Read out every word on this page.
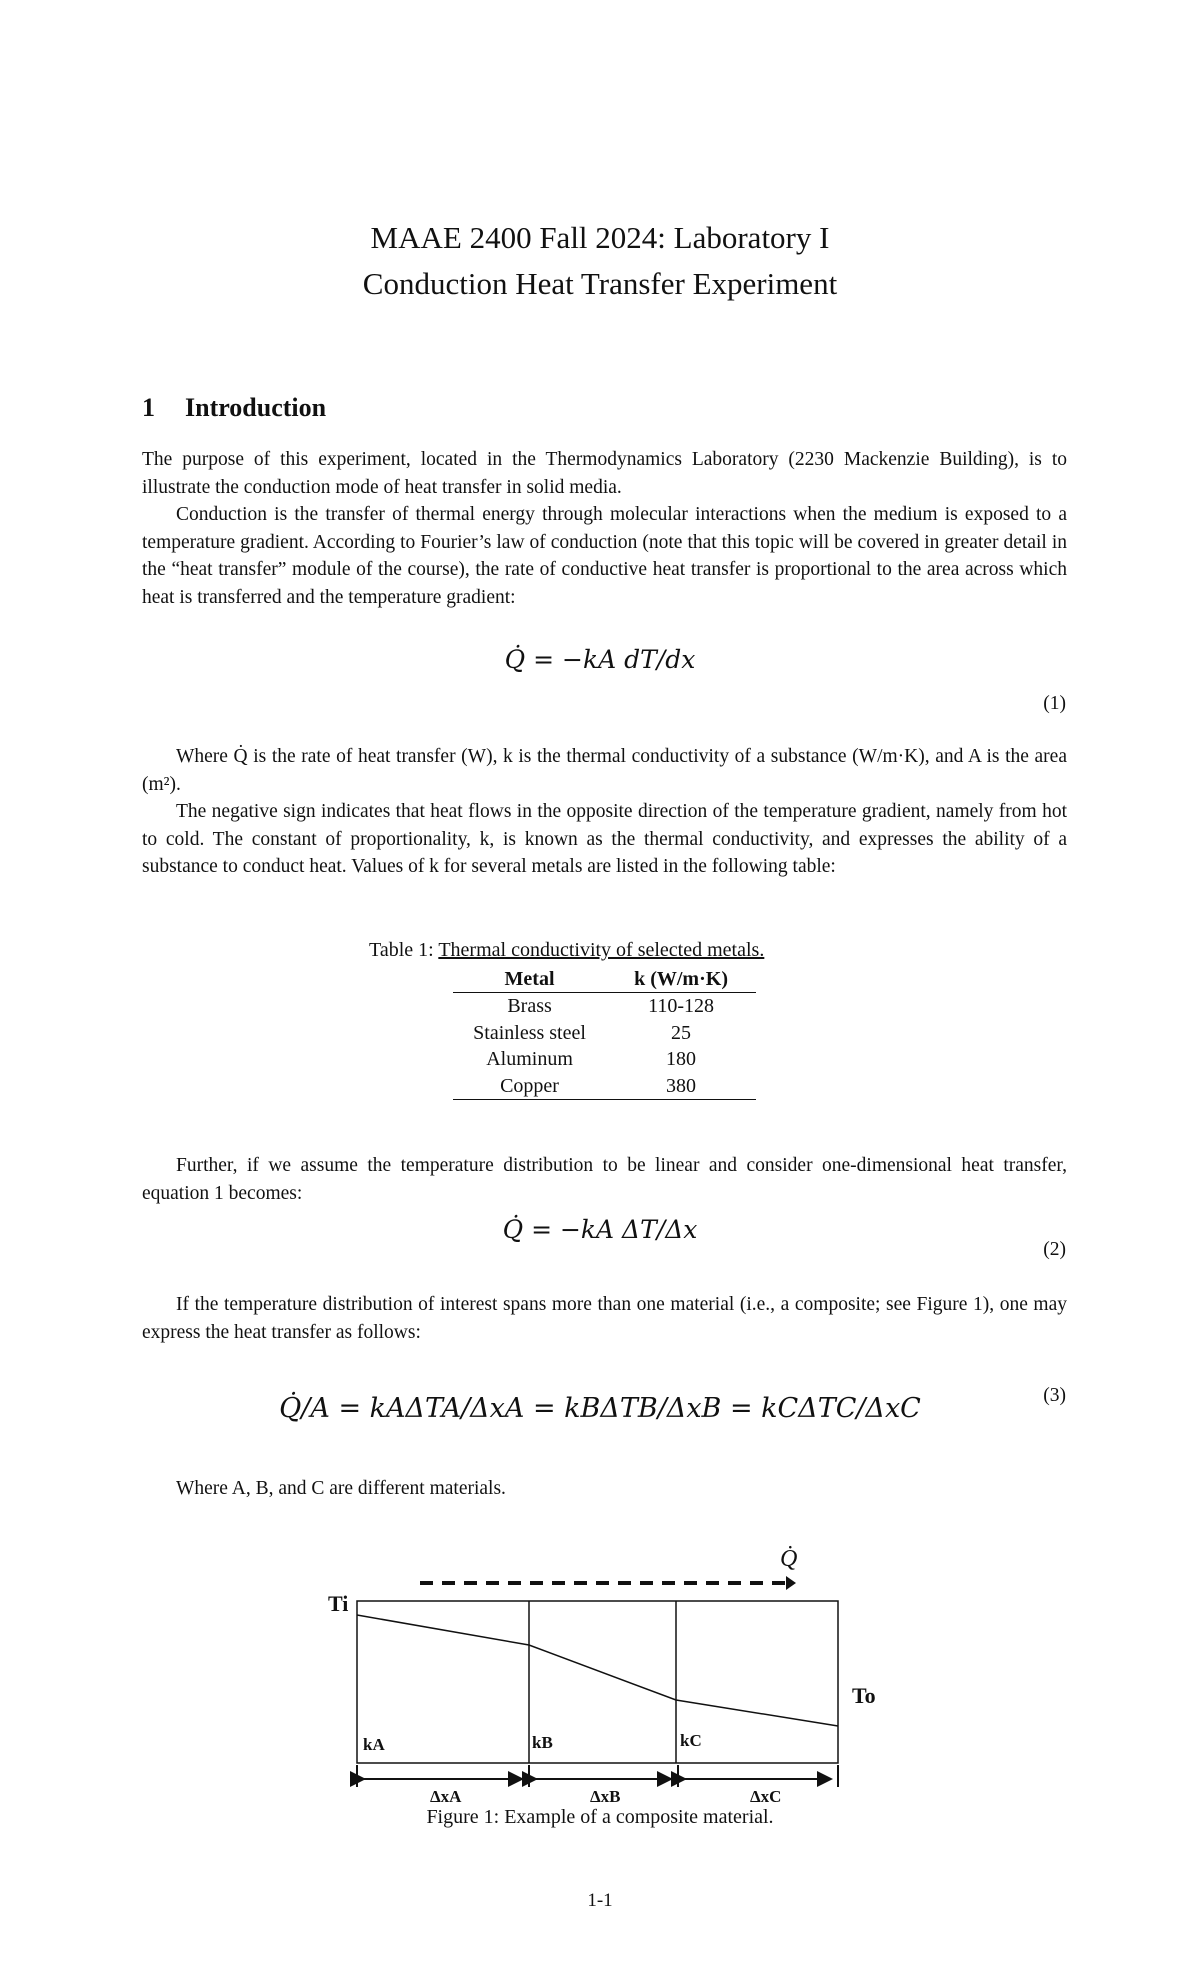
MAAE 2400 Fall 2024: Laboratory I
Conduction Heat Transfer Experiment
1 Introduction
The purpose of this experiment, located in the Thermodynamics Laboratory (2230 Mackenzie Building), is to illustrate the conduction mode of heat transfer in solid media.
Conduction is the transfer of thermal energy through molecular interactions when the medium is exposed to a temperature gradient. According to Fourier’s law of conduction (note that this topic will be covered in greater detail in the “heat transfer” module of the course), the rate of conductive heat transfer is proportional to the area across which heat is transferred and the temperature gradient:
Q̇ = −kA dT/dx
(1)
Where Q̇ is the rate of heat transfer (W), k is the thermal conductivity of a substance (W/m·K), and A is the area (m²).
The negative sign indicates that heat flows in the opposite direction of the temperature gradient, namely from hot to cold. The constant of proportionality, k, is known as the thermal conductivity, and expresses the ability of a substance to conduct heat. Values of k for several metals are listed in the following table:
Table 1: Thermal conductivity of selected metals.
Metal	k (W/m·K)
Brass	110-128
Stainless steel	25
Aluminum	180
Copper	380
Further, if we assume the temperature distribution to be linear and consider one-dimensional heat transfer, equation 1 becomes:
Q̇ = −kA ΔT/Δx
(2)
If the temperature distribution of interest spans more than one material (i.e., a composite; see Figure 1), one may express the heat transfer as follows:
Q̇/A = kAΔTA/ΔxA = kBΔTB/ΔxB = kCΔTC/ΔxC	(3)
Where A, B, and C are different materials.
Q̇
Ti
To
kA	kB	kC
ΔxA	ΔxB	ΔxC
Figure 1: Example of a composite material.
1-1
